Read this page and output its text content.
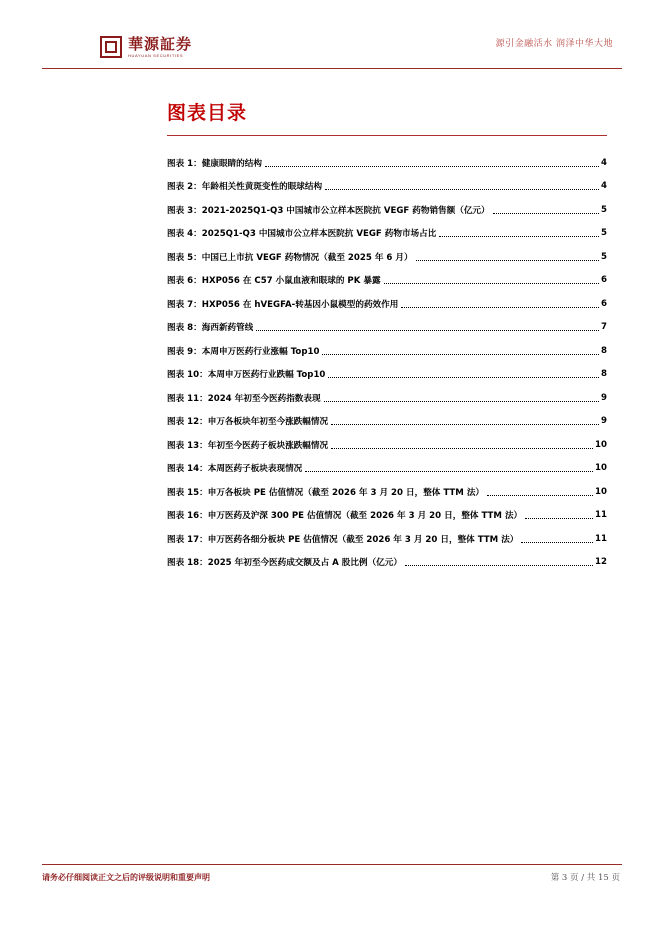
華源証券
HUAYUAN SECURITIES
源引金融活水 润泽中华大地
图表目录
图表 1： 健康眼睛的结构	4
图表 2： 年龄相关性黄斑变性的眼球结构	4
图表 3： 2021-2025Q1-Q3 中国城市公立样本医院抗 VEGF 药物销售额（亿元）	5
图表 4： 2025Q1-Q3 中国城市公立样本医院抗 VEGF 药物市场占比	5
图表 5： 中国已上市抗 VEGF 药物情况（截至 2025 年 6 月）	5
图表 6： HXP056 在 C57 小鼠血液和眼球的 PK 暴露	6
图表 7： HXP056 在 hVEGFA-转基因小鼠模型的药效作用	6
图表 8： 海西新药管线	7
图表 9： 本周申万医药行业涨幅 Top10	8
图表 10： 本周申万医药行业跌幅 Top10	8
图表 11： 2024 年初至今医药指数表现	9
图表 12： 申万各板块年初至今涨跌幅情况	9
图表 13： 年初至今医药子板块涨跌幅情况	10
图表 14： 本周医药子板块表现情况	10
图表 15： 申万各板块 PE 估值情况（截至 2026 年 3 月 20 日，整体 TTM 法）	10
图表 16： 申万医药及沪深 300 PE 估值情况（截至 2026 年 3 月 20 日，整体 TTM 法）	11
图表 17： 申万医药各细分板块 PE 估值情况（截至 2026 年 3 月 20 日，整体 TTM 法）	11
图表 18： 2025 年初至今医药成交额及占 A 股比例（亿元）	12
请务必仔细阅读正文之后的评级说明和重要声明	第 3 页 / 共 15 页
